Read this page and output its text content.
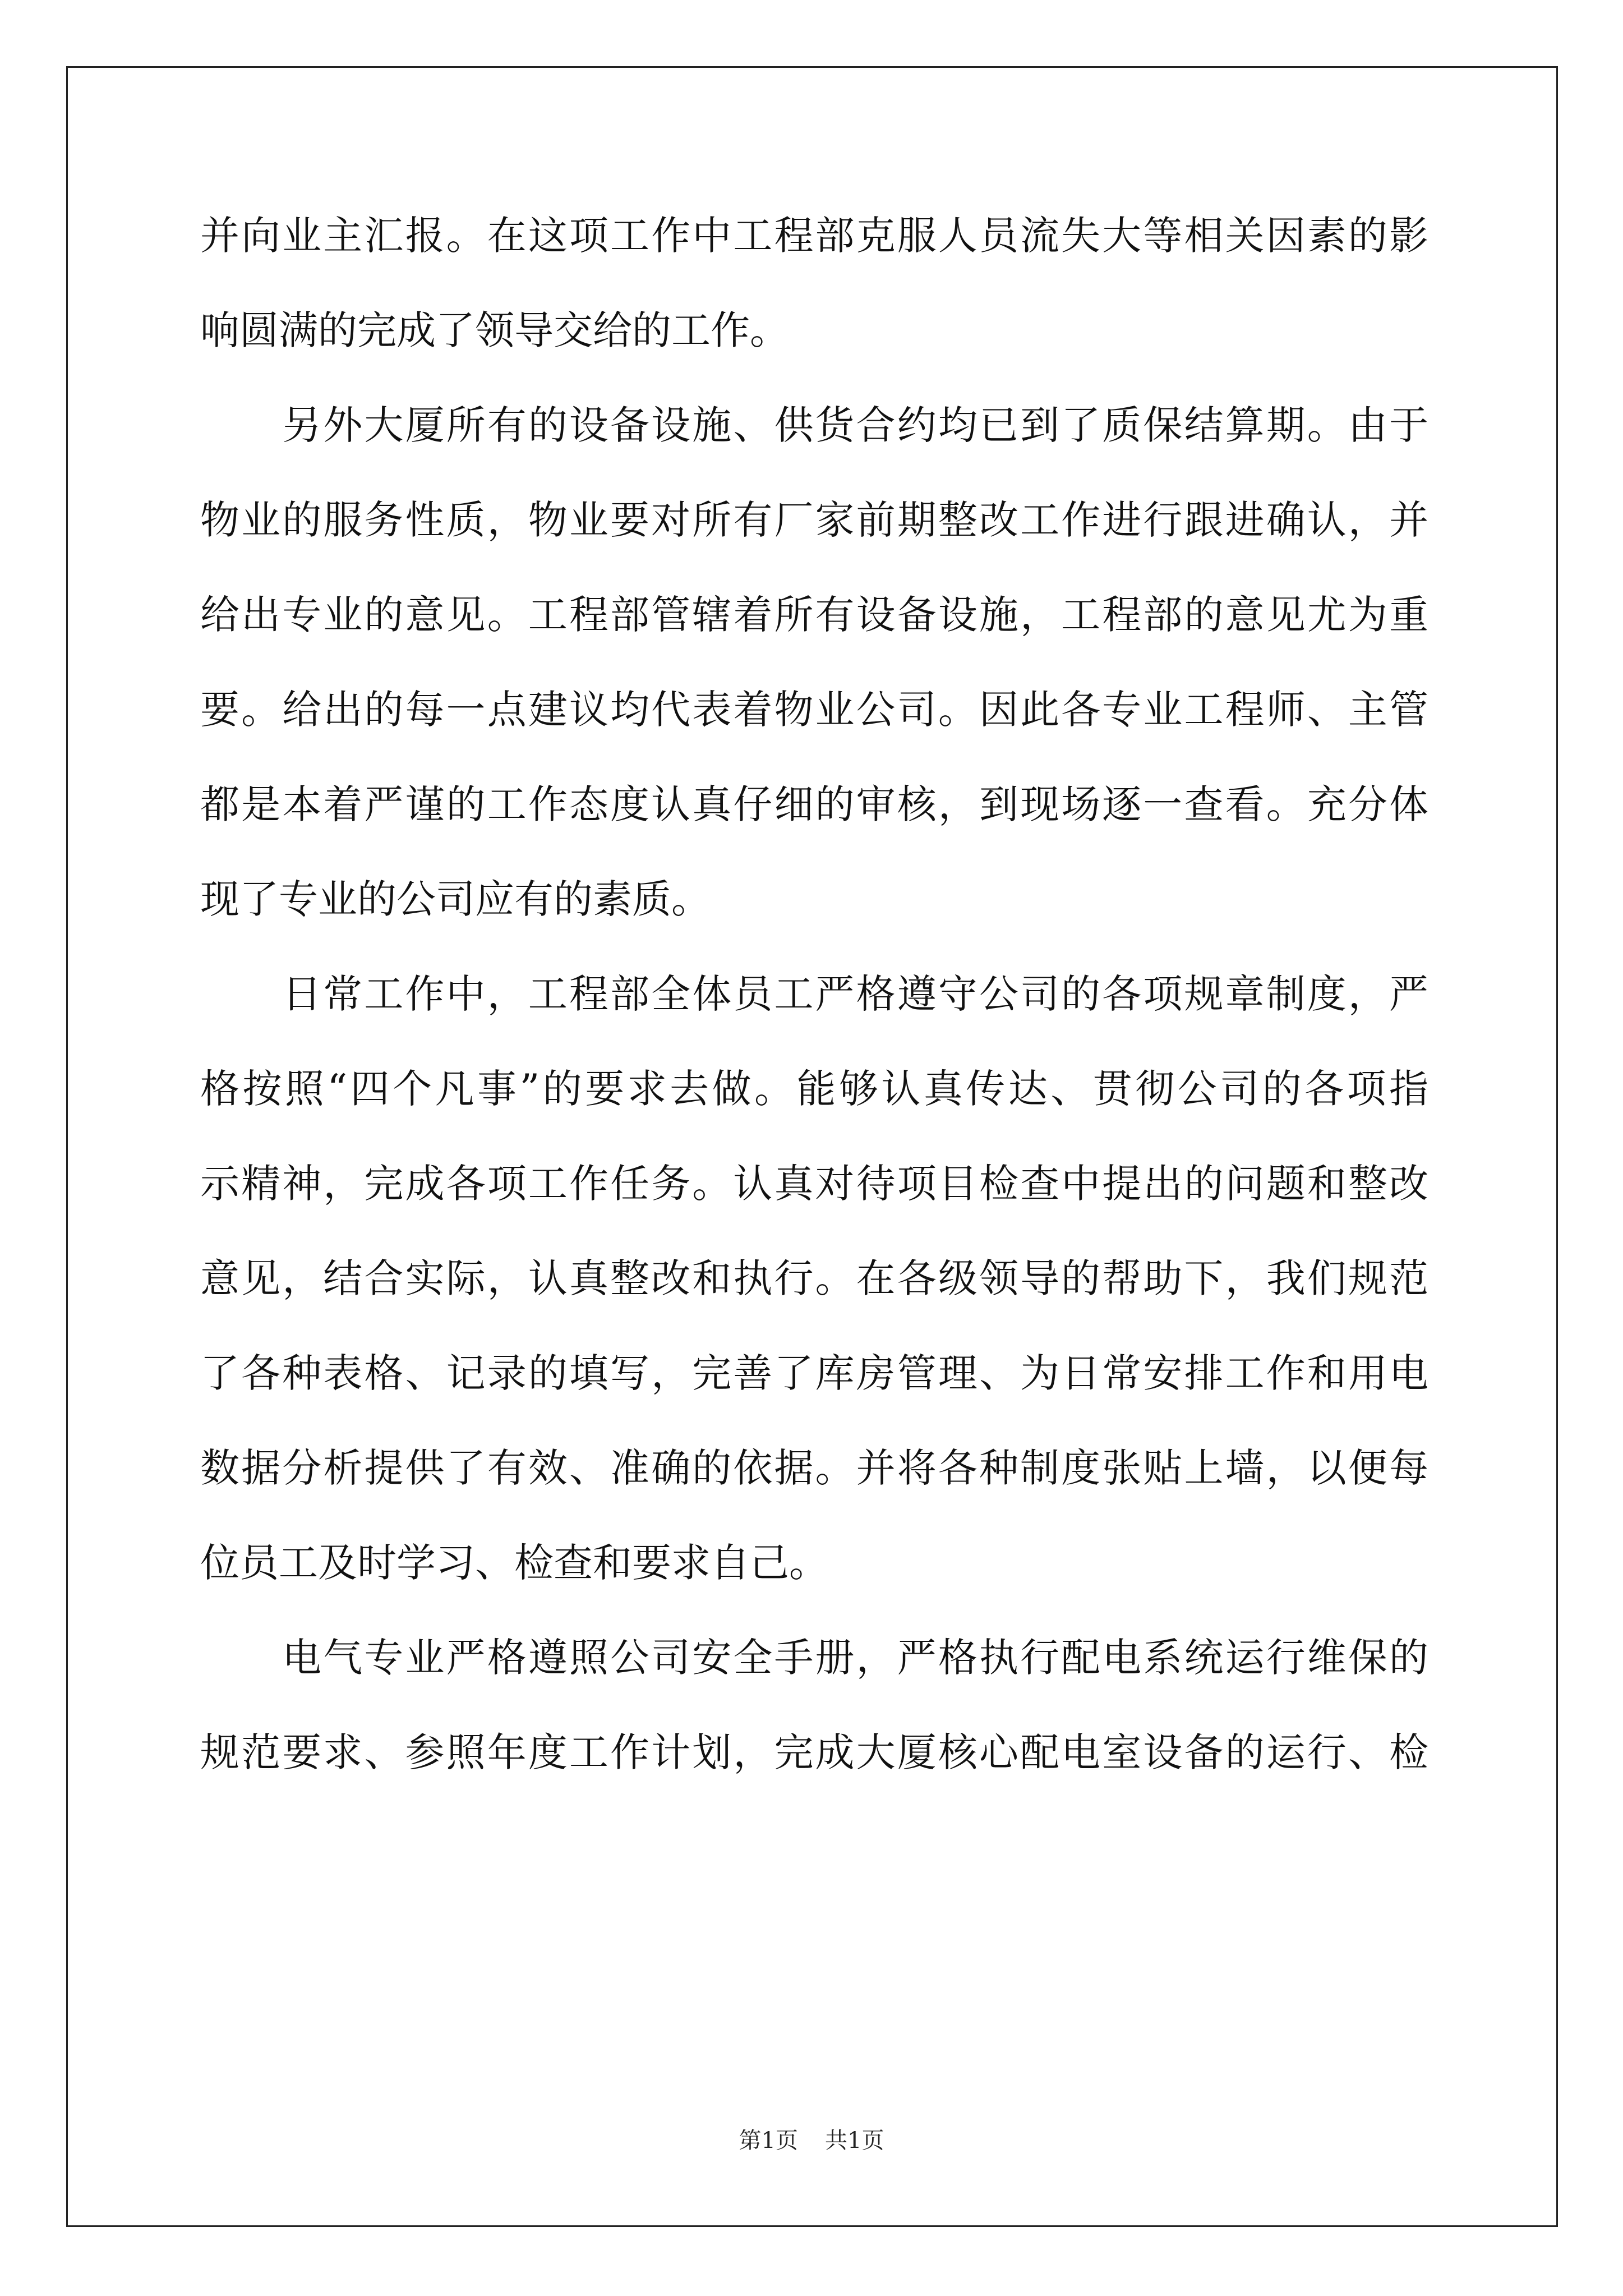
并向业主汇报。在这项工作中工程部克服人员流失大等相关因素的影
响圆满的完成了领导交给的工作。
　　另外大厦所有的设备设施、供货合约均已到了质保结算期。由于
物业的服务性质，物业要对所有厂家前期整改工作进行跟进确认，并
给出专业的意见。工程部管辖着所有设备设施，工程部的意见尤为重
要。给出的每一点建议均代表着物业公司。因此各专业工程师、主管
都是本着严谨的工作态度认真仔细的审核，到现场逐一查看。充分体
现了专业的公司应有的素质。
　　日常工作中，工程部全体员工严格遵守公司的各项规章制度，严
格按照“四个凡事”的要求去做。能够认真传达、贯彻公司的各项指
示精神，完成各项工作任务。认真对待项目检查中提出的问题和整改
意见，结合实际，认真整改和执行。在各级领导的帮助下，我们规范
了各种表格、记录的填写，完善了库房管理、为日常安排工作和用电
数据分析提供了有效、准确的依据。并将各种制度张贴上墙，以便每
位员工及时学习、检查和要求自己。
　　电气专业严格遵照公司安全手册，严格执行配电系统运行维保的
规范要求、参照年度工作计划，完成大厦核心配电室设备的运行、检
第1页 共1页
